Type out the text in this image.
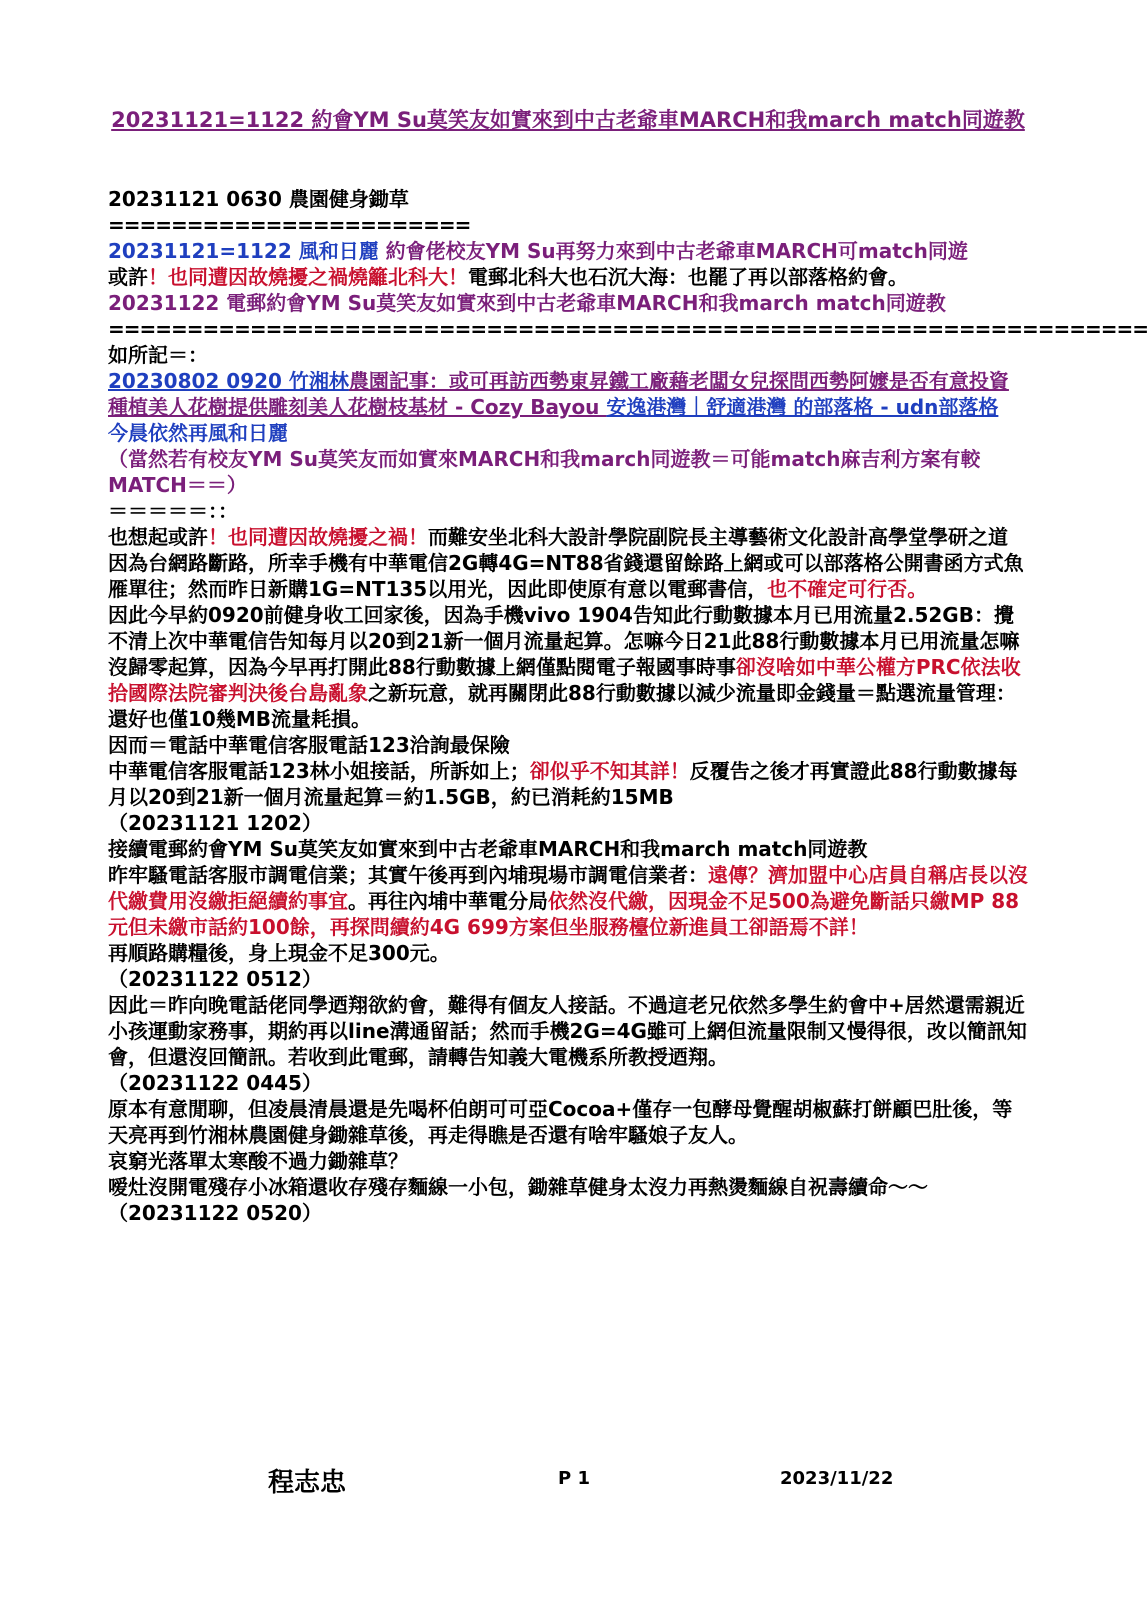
20231121=1122 約會YM Su莫笑友如實來到中古老爺車MARCH和我march match同遊教

20231121 0630 農園健身鋤草

=======================

20231121=1122 風和日麗 約會佬校友YM Su再努力來到中古老爺車MARCH可match同遊

或許！也同遭因故燒擾之禍燒籬北科大！電郵北科大也石沉大海：也罷了再以部落格約會。

20231122 電郵約會YM Su莫笑友如實來到中古老爺車MARCH和我march match同遊教

==================================================================

如所記＝：

20230802 0920 竹湘林農園記事：或可再訪西勢東昇鐵工廠藉老闆女兒探問西勢阿嬤是否有意投資種植美人花樹提供雕刻美人花樹枝基材 - Cozy Bayou 安逸港灣｜舒適港灣 的部落格 - udn部落格

今晨依然再風和日麗

（當然若有校友YM Su莫笑友而如實來MARCH和我march同遊教＝可能match麻吉利方案有較MATCH＝＝）

＝＝＝＝＝：：

也想起或許！也同遭因故燒擾之禍！而難安坐北科大設計學院副院長主導藝術文化設計高學堂學研之道

因為台網路斷路，所幸手機有中華電信2G轉4G=NT88省錢還留餘路上網或可以部落格公開書函方式魚雁單往；然而昨日新購1G=NT135以用光，因此即使原有意以電郵書信，也不確定可行否。

因此今早約0920前健身收工回家後，因為手機vivo 1904告知此行動數據本月已用流量2.52GB：攪不清上次中華電信告知每月以20到21新一個月流量起算。怎嘛今日21此88行動數據本月已用流量怎嘛沒歸零起算，因為今早再打開此88行動數據上網僅點閱電子報國事時事卻沒啥如中華公權方PRC依法收拾國際法院審判決後台島亂象之新玩意，就再關閉此88行動數據以減少流量即金錢量＝點選流量管理：還好也僅10幾MB流量耗損。

因而＝電話中華電信客服電話123洽詢最保險

中華電信客服電話123林小姐接話，所訴如上；卻似乎不知其詳！反覆告之後才再實證此88行動數據每月以20到21新一個月流量起算＝約1.5GB，約已消耗約15MB

（20231121 1202）

接續電郵約會YM Su莫笑友如實來到中古老爺車MARCH和我march match同遊教

昨牢騷電話客服市調電信業；其實午後再到內埔現場市調電信業者：遠傳？濟加盟中心店員自稱店長以沒代繳費用沒繳拒絕續約事宜。再往內埔中華電分局依然沒代繳，因現金不足500為避免斷話只繳MP 88元但未繳市話約100餘，再探問續約4G 699方案但坐服務檯位新進員工卻語焉不詳！

再順路購糧後，身上現金不足300元。

（20231122 0512）

因此＝昨向晚電話佬同學迺翔欲約會，難得有個友人接話。不過這老兄依然多學生約會中+居然還需親近小孩運動家務事，期約再以line溝通留話；然而手機2G=4G雖可上網但流量限制又慢得很，改以簡訊知會，但還沒回簡訊。若收到此電郵，請轉告知義大電機系所教授迺翔。

（20231122 0445）

原本有意閒聊，但凌晨清晨還是先喝杯伯朗可可亞Cocoa+僅存一包酵母覺醒胡椒蘇打餅顧巴肚後，等天亮再到竹湘林農園健身鋤雜草後，再走得瞧是否還有啥牢騷娘子友人。

哀窮光落單太寒酸不過力鋤雜草？

嗳灶沒開電殘存小冰箱還收存殘存麵線一小包，鋤雜草健身太沒力再熱燙麵線自祝壽續命～～

（20231122 0520）

程志忠	P 1	2023/11/22
